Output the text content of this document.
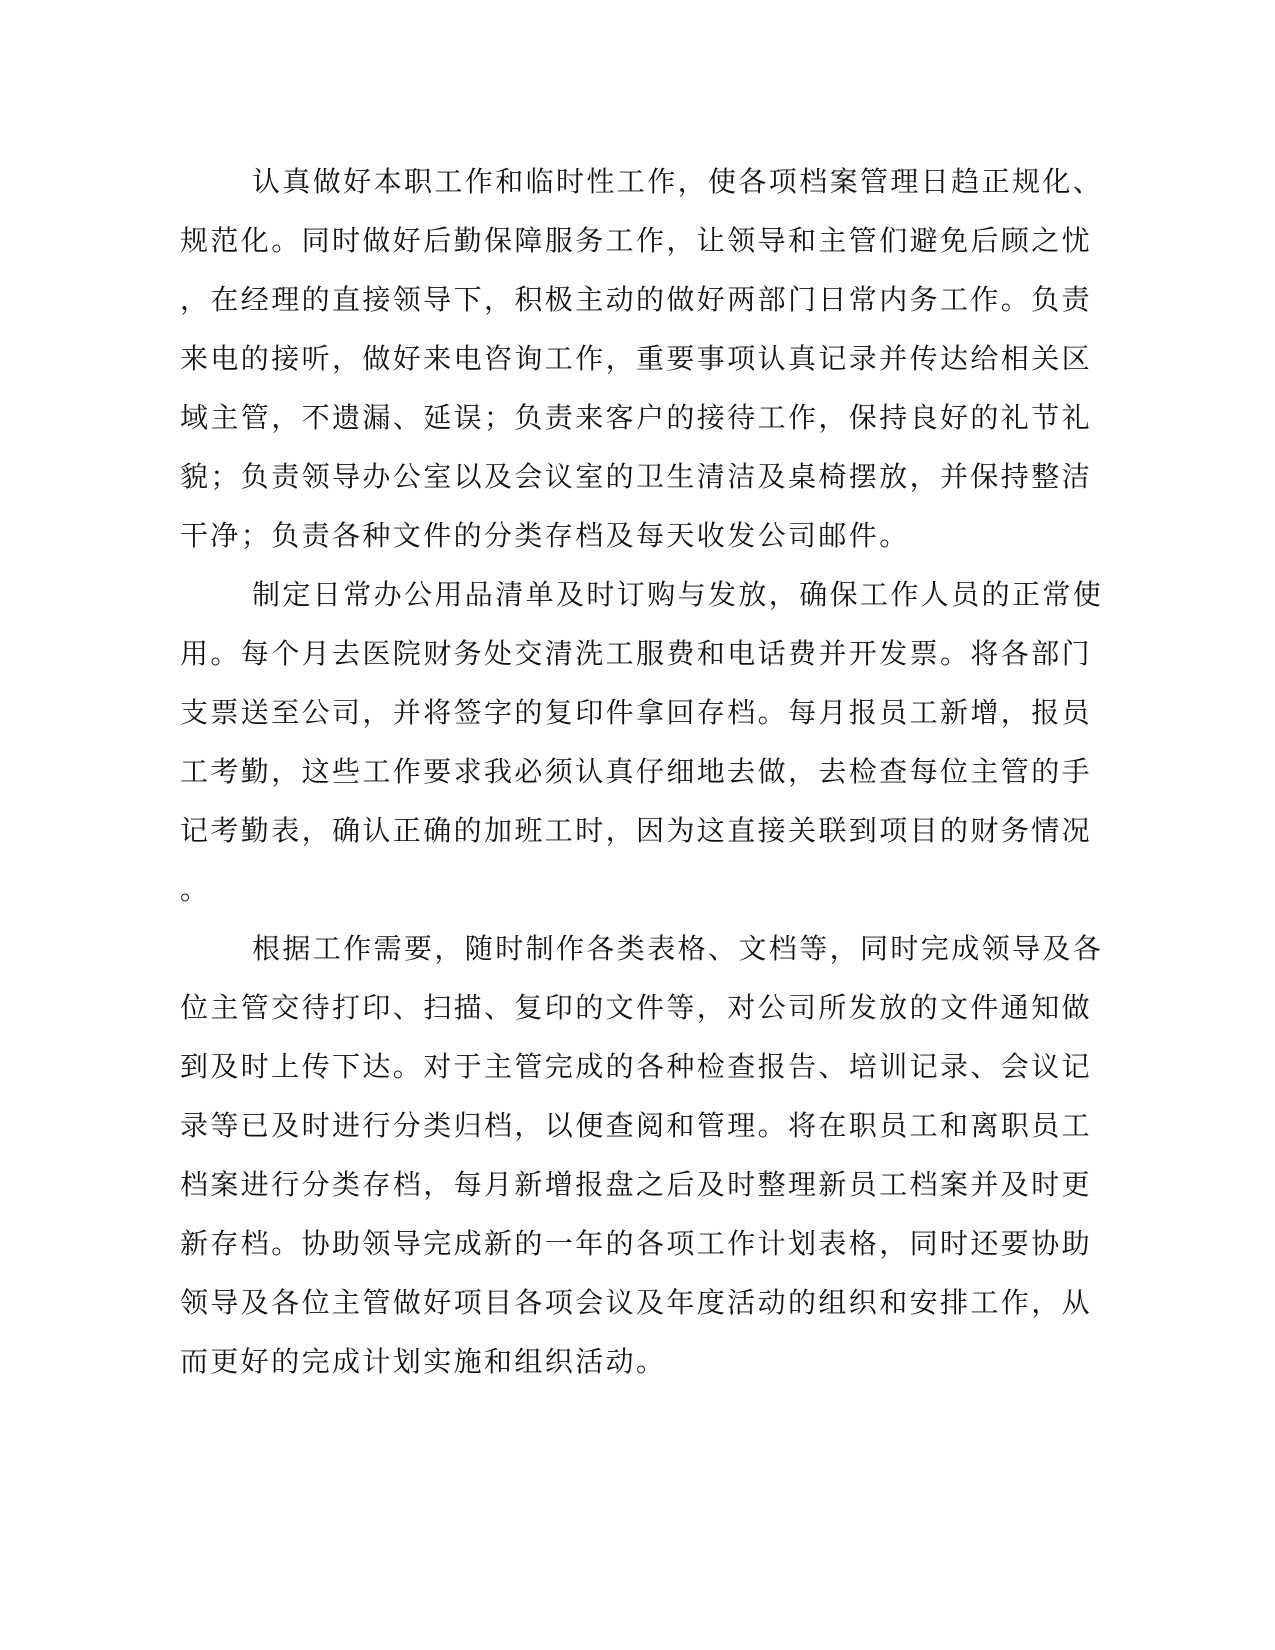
认真做好本职工作和临时性工作，使各项档案管理日趋正规化、
规范化。同时做好后勤保障服务工作，让领导和主管们避免后顾之忧
，在经理的直接领导下，积极主动的做好两部门日常内务工作。负责
来电的接听，做好来电咨询工作，重要事项认真记录并传达给相关区
域主管，不遗漏、延误；负责来客户的接待工作，保持良好的礼节礼
貌；负责领导办公室以及会议室的卫生清洁及桌椅摆放，并保持整洁
干净；负责各种文件的分类存档及每天收发公司邮件。
制定日常办公用品清单及时订购与发放，确保工作人员的正常使
用。每个月去医院财务处交清洗工服费和电话费并开发票。将各部门
支票送至公司，并将签字的复印件拿回存档。每月报员工新增，报员
工考勤，这些工作要求我必须认真仔细地去做，去检查每位主管的手
记考勤表，确认正确的加班工时，因为这直接关联到项目的财务情况
。
根据工作需要，随时制作各类表格、文档等，同时完成领导及各
位主管交待打印、扫描、复印的文件等，对公司所发放的文件通知做
到及时上传下达。对于主管完成的各种检查报告、培训记录、会议记
录等已及时进行分类归档，以便查阅和管理。将在职员工和离职员工
档案进行分类存档，每月新增报盘之后及时整理新员工档案并及时更
新存档。协助领导完成新的一年的各项工作计划表格，同时还要协助
领导及各位主管做好项目各项会议及年度活动的组织和安排工作，从
而更好的完成计划实施和组织活动。
